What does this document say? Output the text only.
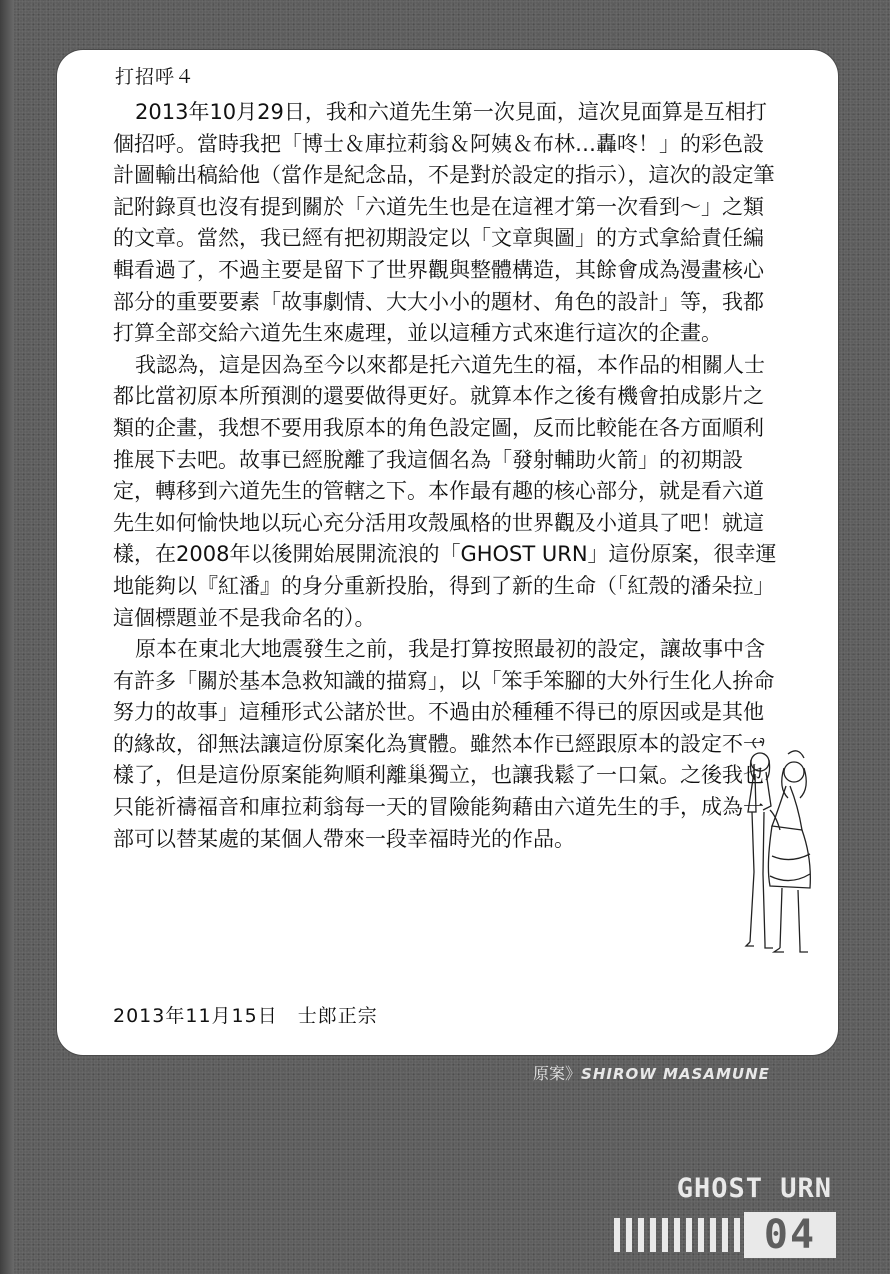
打招呼４

2013年10月29日，我和六道先生第一次見面，這次見面算是互相打個招呼。當時我把「博士＆庫拉莉翁＆阿姨＆布林…轟咚！」的彩色設計圖輸出稿給他（當作是紀念品，不是對於設定的指示），這次的設定筆記附錄頁也沒有提到關於「六道先生也是在這裡才第一次看到～」之類的文章。當然，我已經有把初期設定以「文章與圖」的方式拿給責任編輯看過了，不過主要是留下了世界觀與整體構造，其餘會成為漫畫核心部分的重要要素「故事劇情、大大小小的題材、角色的設計」等，我都打算全部交給六道先生來處理，並以這種方式來進行這次的企畫。

我認為，這是因為至今以來都是托六道先生的福，本作品的相關人士都比當初原本所預測的還要做得更好。就算本作之後有機會拍成影片之類的企畫，我想不要用我原本的角色設定圖，反而比較能在各方面順利推展下去吧。故事已經脫離了我這個名為「發射輔助火箭」的初期設定，轉移到六道先生的管轄之下。本作最有趣的核心部分，就是看六道先生如何愉快地以玩心充分活用攻殼風格的世界觀及小道具了吧！就這樣，在2008年以後開始展開流浪的「GHOST URN」這份原案，很幸運地能夠以『紅潘』的身分重新投胎，得到了新的生命（「紅殼的潘朵拉」這個標題並不是我命名的）。

原本在東北大地震發生之前，我是打算按照最初的設定，讓故事中含有許多「關於基本急救知識的描寫」，以「笨手笨腳的大外行生化人拚命努力的故事」這種形式公諸於世。不過由於種種不得已的原因或是其他的緣故，卻無法讓這份原案化為實體。雖然本作已經跟原本的設定不一樣了，但是這份原案能夠順利離巢獨立，也讓我鬆了一口氣。之後我也只能祈禱福音和庫拉莉翁每一天的冒險能夠藉由六道先生的手，成為一部可以替某處的某個人帶來一段幸福時光的作品。

2013年11月15日　士郎正宗
原案》SHIROW MASAMUNE
GHOST URN
04
